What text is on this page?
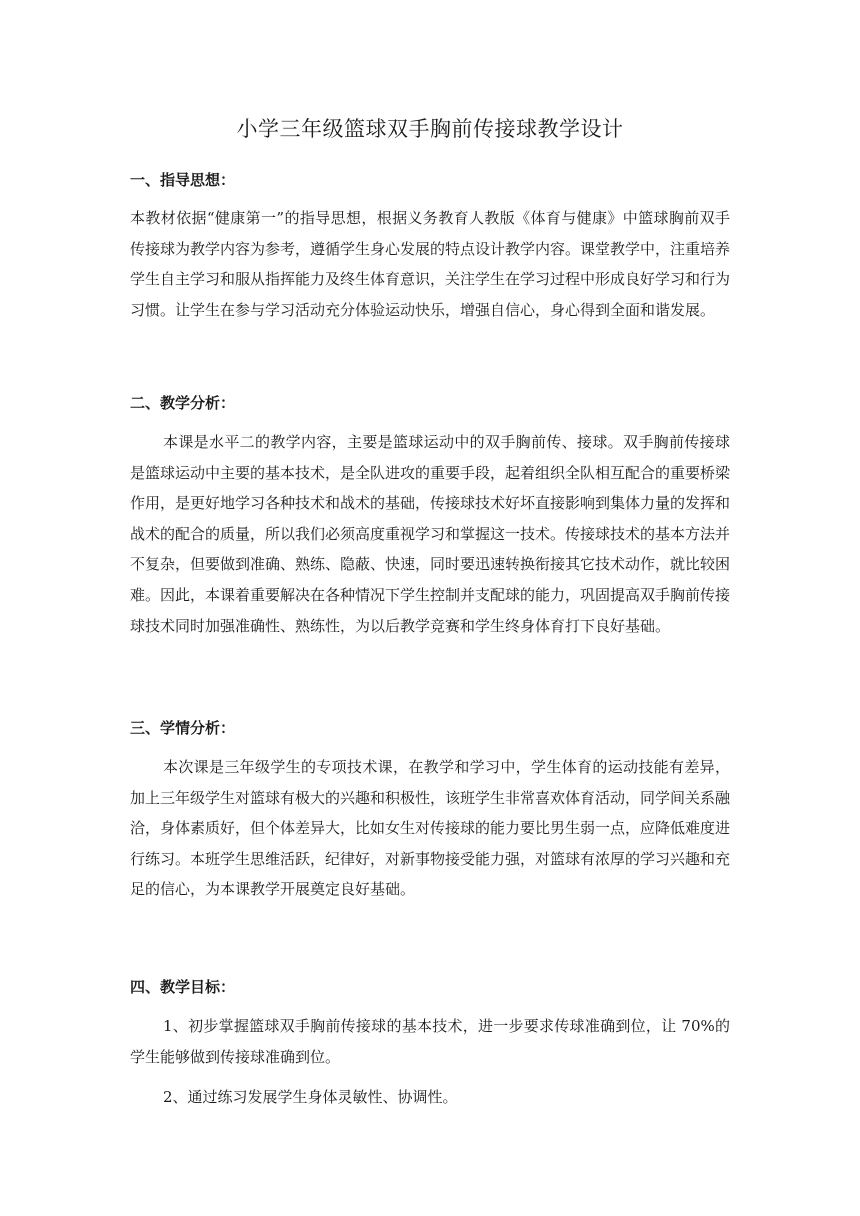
小学三年级篮球双手胸前传接球教学设计
一、指导思想：

本教材依据“健康第一”的指导思想，根据义务教育人教版《体育与健康》中篮球胸前双手传接球为教学内容为参考，遵循学生身心发展的特点设计教学内容。课堂教学中，注重培养学生自主学习和服从指挥能力及终生体育意识，关注学生在学习过程中形成良好学习和行为习惯。让学生在参与学习活动充分体验运动快乐，增强自信心，身心得到全面和谐发展。

二、教学分析：

本课是水平二的教学内容，主要是篮球运动中的双手胸前传、接球。双手胸前传接球是篮球运动中主要的基本技术，是全队进攻的重要手段，起着组织全队相互配合的重要桥梁作用，是更好地学习各种技术和战术的基础，传接球技术好坏直接影响到集体力量的发挥和战术的配合的质量，所以我们必须高度重视学习和掌握这一技术。传接球技术的基本方法并不复杂，但要做到准确、熟练、隐蔽、快速，同时要迅速转换衔接其它技术动作，就比较困难。因此，本课着重要解决在各种情况下学生控制并支配球的能力，巩固提高双手胸前传接球技术同时加强准确性、熟练性，为以后教学竞赛和学生终身体育打下良好基础。

三、学情分析：

本次课是三年级学生的专项技术课，在教学和学习中，学生体育的运动技能有差异，加上三年级学生对篮球有极大的兴趣和积极性，该班学生非常喜欢体育活动，同学间关系融洽，身体素质好，但个体差异大，比如女生对传接球的能力要比男生弱一点，应降低难度进行练习。本班学生思维活跃，纪律好，对新事物接受能力强，对篮球有浓厚的学习兴趣和充足的信心，为本课教学开展奠定良好基础。

四、教学目标：

1、初步掌握篮球双手胸前传接球的基本技术，进一步要求传球准确到位，让 70%的学生能够做到传接球准确到位。

2、通过练习发展学生身体灵敏性、协调性。
